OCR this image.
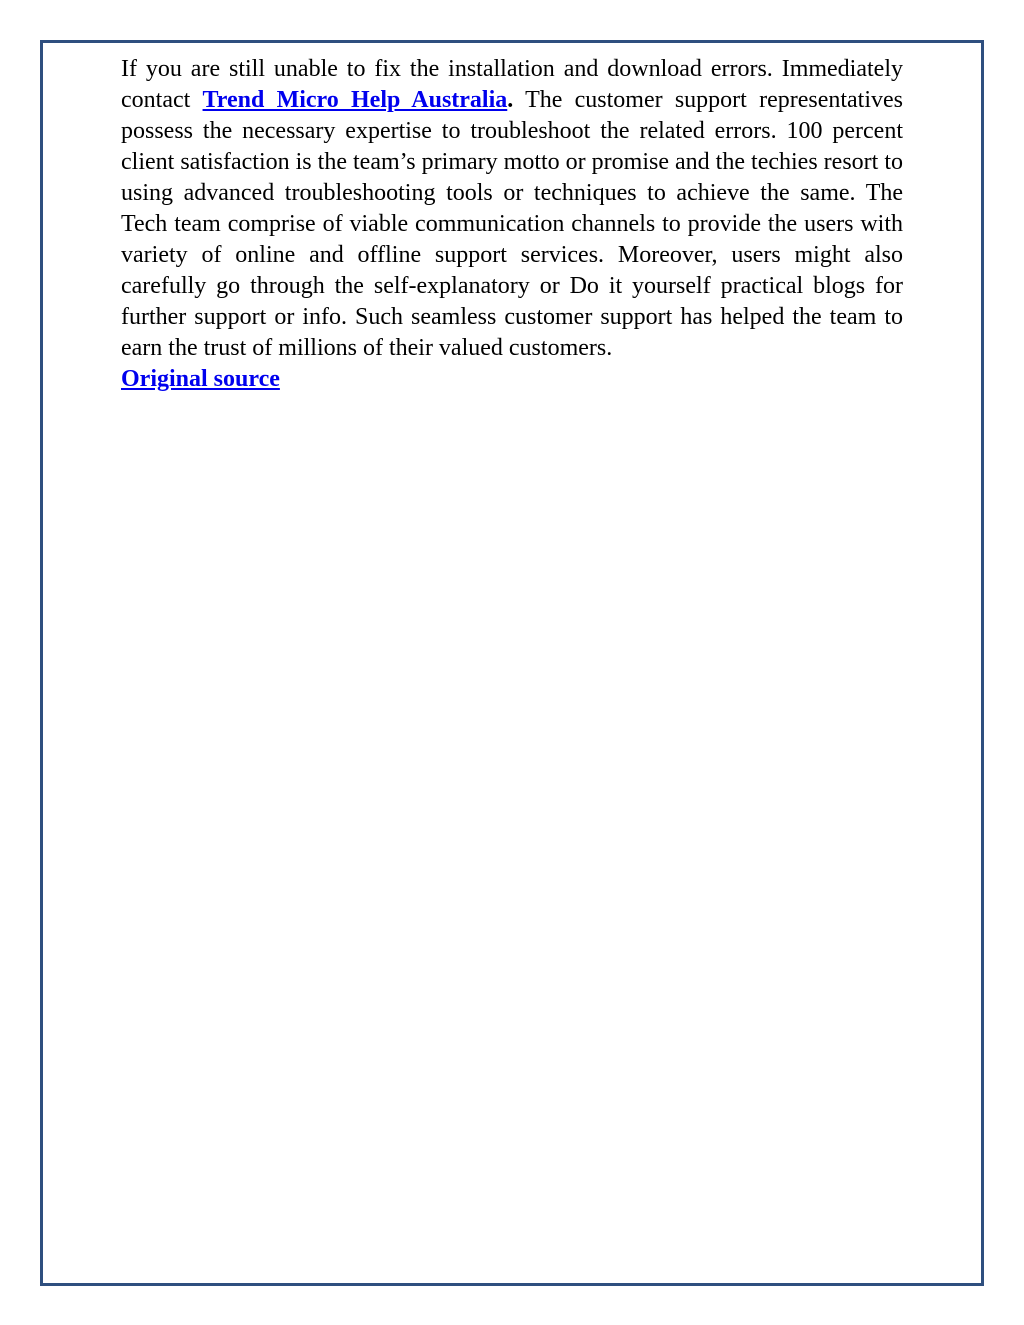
If you are still unable to fix the installation and download errors. Immediately contact Trend Micro Help Australia. The customer support representatives possess the necessary expertise to troubleshoot the related errors. 100 percent client satisfaction is the team’s primary motto or promise and the techies resort to using advanced troubleshooting tools or techniques to achieve the same. The Tech team comprise of viable communication channels to provide the users with variety of online and offline support services. Moreover, users might also carefully go through the self-explanatory or Do it yourself practical blogs for further support or info. Such seamless customer support has helped the team to earn the trust of millions of their valued customers.

Original source
